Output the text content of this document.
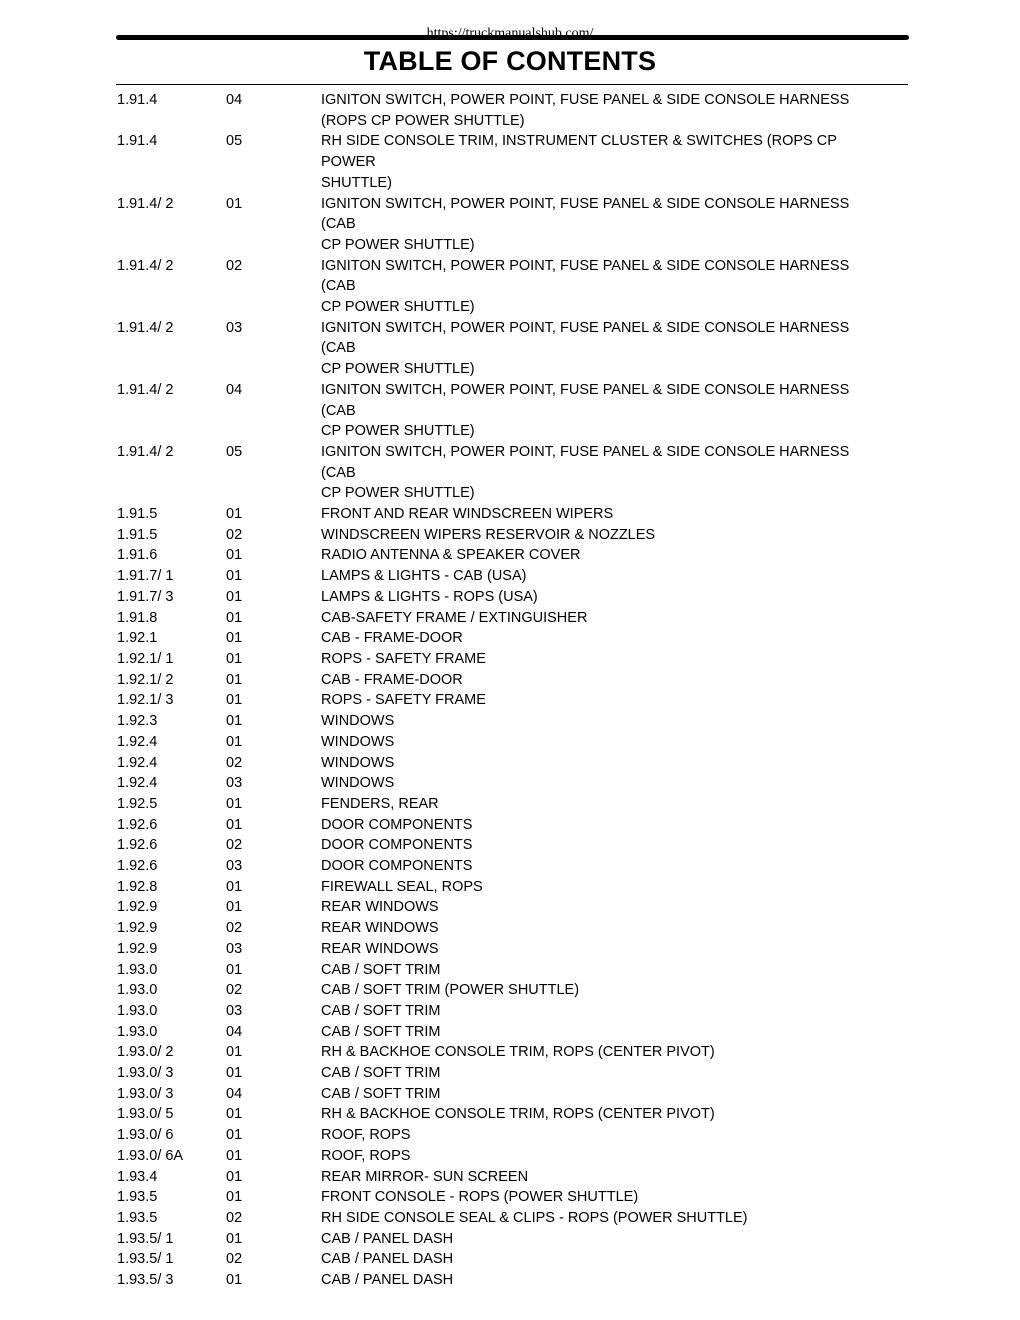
https://truckmanualshub.com/
TABLE OF CONTENTS
1.91.4	04	IGNITON SWITCH, POWER POINT, FUSE PANEL & SIDE CONSOLE HARNESS
(ROPS CP POWER SHUTTLE)
1.91.4	05	RH SIDE CONSOLE TRIM, INSTRUMENT CLUSTER & SWITCHES (ROPS CP POWER
SHUTTLE)
1.91.4/ 2	01	IGNITON SWITCH, POWER POINT, FUSE PANEL & SIDE CONSOLE HARNESS (CAB
CP POWER SHUTTLE)
1.91.4/ 2	02	IGNITON SWITCH, POWER POINT, FUSE PANEL & SIDE CONSOLE HARNESS (CAB
CP POWER SHUTTLE)
1.91.4/ 2	03	IGNITON SWITCH, POWER POINT, FUSE PANEL & SIDE CONSOLE HARNESS (CAB
CP POWER SHUTTLE)
1.91.4/ 2	04	IGNITON SWITCH, POWER POINT, FUSE PANEL & SIDE CONSOLE HARNESS (CAB
CP POWER SHUTTLE)
1.91.4/ 2	05	IGNITON SWITCH, POWER POINT, FUSE PANEL & SIDE CONSOLE HARNESS (CAB
CP POWER SHUTTLE)
1.91.5	01	FRONT AND REAR WINDSCREEN WIPERS
1.91.5	02	WINDSCREEN WIPERS RESERVOIR & NOZZLES
1.91.6	01	RADIO ANTENNA & SPEAKER COVER
1.91.7/ 1	01	LAMPS & LIGHTS - CAB (USA)
1.91.7/ 3	01	LAMPS & LIGHTS - ROPS (USA)
1.91.8	01	CAB-SAFETY FRAME / EXTINGUISHER
1.92.1	01	CAB - FRAME-DOOR
1.92.1/ 1	01	ROPS - SAFETY FRAME
1.92.1/ 2	01	CAB - FRAME-DOOR
1.92.1/ 3	01	ROPS - SAFETY FRAME
1.92.3	01	WINDOWS
1.92.4	01	WINDOWS
1.92.4	02	WINDOWS
1.92.4	03	WINDOWS
1.92.5	01	FENDERS, REAR
1.92.6	01	DOOR COMPONENTS
1.92.6	02	DOOR COMPONENTS
1.92.6	03	DOOR COMPONENTS
1.92.8	01	FIREWALL SEAL, ROPS
1.92.9	01	REAR WINDOWS
1.92.9	02	REAR WINDOWS
1.92.9	03	REAR WINDOWS
1.93.0	01	CAB / SOFT TRIM
1.93.0	02	CAB / SOFT TRIM (POWER SHUTTLE)
1.93.0	03	CAB / SOFT TRIM
1.93.0	04	CAB / SOFT TRIM
1.93.0/ 2	01	RH & BACKHOE CONSOLE TRIM, ROPS (CENTER PIVOT)
1.93.0/ 3	01	CAB / SOFT TRIM
1.93.0/ 3	04	CAB / SOFT TRIM
1.93.0/ 5	01	RH & BACKHOE CONSOLE TRIM, ROPS (CENTER PIVOT)
1.93.0/ 6	01	ROOF, ROPS
1.93.0/ 6A	01	ROOF, ROPS
1.93.4	01	REAR MIRROR- SUN SCREEN
1.93.5	01	FRONT CONSOLE - ROPS (POWER SHUTTLE)
1.93.5	02	RH SIDE CONSOLE SEAL & CLIPS - ROPS (POWER SHUTTLE)
1.93.5/ 1	01	CAB / PANEL DASH
1.93.5/ 1	02	CAB / PANEL DASH
1.93.5/ 3	01	CAB / PANEL DASH
